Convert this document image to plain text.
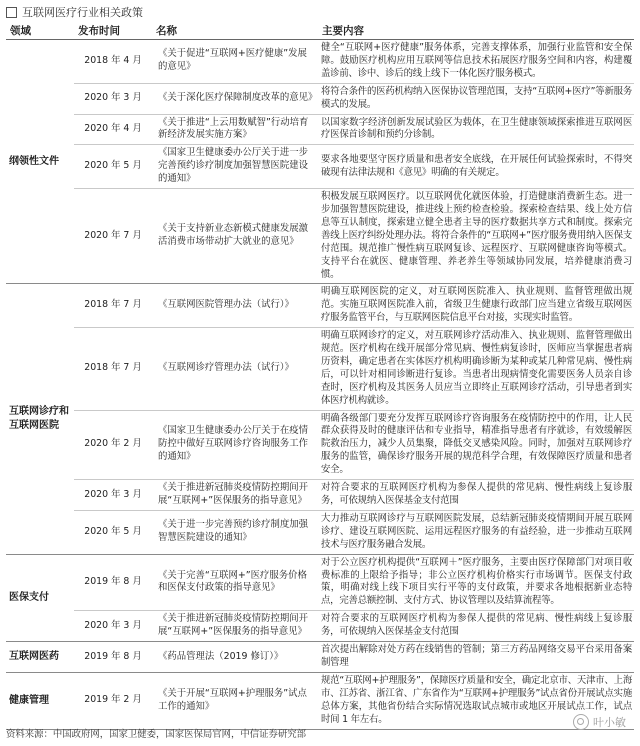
互联网医疗行业相关政策
领域	发布时间	名称	主要内容
纲领性文件	2018 年 4 月	《关于促进“互联网+医疗健康”发展的意见》	健全“互联网+医疗健康”服务体系，完善支撑体系，加强行业监管和安全保障。鼓励医疗机构应用互联网等信息技术拓展医疗服务空间和内容，构建覆盖诊前、诊中、诊后的线上线下一体化医疗服务模式。
	2020 年 3 月	《关于深化医疗保障制度改革的意见》	将符合条件的医药机构纳入医保协议管理范围，支持“互联网+医疗”等新服务模式的发展。
	2020 年 4 月	《关于推进“上云用数赋智”行动培育新经济发展实施方案》	以国家数字经济创新发展试验区为载体，在卫生健康领域探索推进互联网医疗医保首诊制和预约分诊制。
	2020 年 5 月	《国家卫生健康委办公厅关于进一步完善预约诊疗制度加强智慧医院建设的通知》	要求各地要坚守医疗质量和患者安全底线，在开展任何试验探索时，不得突破现有法律法规和《意见》明确的有关规定。
	2020 年 7 月	《关于支持新业态新模式健康发展激活消费市场带动扩大就业的意见》	积极发展互联网医疗。以互联网优化就医体验，打造健康消费新生态。进一步加强智慧医院建设，推进线上预约检查检验。探索检查结果、线上处方信息等互认制度，探索建立健全患者主导的医疗数据共享方式和制度。探索完善线上医疗纠纷处理办法。将符合条件的“互联网+”医疗服务费用纳入医保支付范围。规范推广慢性病互联网复诊、远程医疗、互联网健康咨询等模式。支持平台在就医、健康管理、养老养生等领域协同发展，培养健康消费习惯。
互联网诊疗和互联网医院	2018 年 7 月	《互联网医院管理办法（试行）》	明确互联网医院的定义，对互联网医院准入、执业规则、监督管理做出规范。实施互联网医院准入前，省级卫生健康行政部门应当建立省级互联网医疗服务监管平台，与互联网医院信息平台对接，实现实时监管。
	2018 年 7 月	《互联网诊疗管理办法（试行）》	明确互联网诊疗的定义，对互联网诊疗活动准入、执业规则、监督管理做出规范。医疗机构在线开展部分常见病、慢性病复诊时，医师应当掌握患者病历资料，确定患者在实体医疗机构明确诊断为某种或某几种常见病、慢性病后，可以针对相同诊断进行复诊。当患者出现病情变化需要医务人员亲自诊查时，医疗机构及其医务人员应当立即终止互联网诊疗活动，引导患者到实体医疗机构就诊。
	2020 年 2 月	《国家卫生健康委办公厅关于在疫情防控中做好互联网诊疗咨询服务工作的通知》	明确各级部门要充分发挥互联网诊疗咨询服务在疫情防控中的作用，让人民群众获得及时的健康评估和专业指导，精准指导患者有序就诊，有效缓解医院救治压力，减少人员集聚，降低交叉感染风险。同时，加强对互联网诊疗服务的监管，确保诊疗服务开展的规范科学合理，有效保障医疗质量和患者安全。
	2020 年 3 月	《关于推进新冠肺炎疫情防控期间开展“互联网+”医保服务的指导意见》	对符合要求的互联网医疗机构为参保人提供的常见病、慢性病线上复诊服务，可依规纳入医保基金支付范围
	2020 年 5 月	《关于进一步完善预约诊疗制度加强智慧医院建设的通知》	大力推动互联网诊疗与互联网医院发展，总结新冠肺炎疫情期间开展互联网诊疗、建设互联网医院、运用远程医疗服务的有益经验，进一步推动互联网技术与医疗服务融合发展。
医保支付	2019 年 8 月	《关于完善“互联网+”医疗服务价格和医保支付政策的指导意见》	对于公立医疗机构提供“互联网＋”医疗服务，主要由医疗保障部门对项目收费标准的上限给予指导；非公立医疗机构价格实行市场调节。医保支付政策，明确对线上线下项目实行平等的支付政策，并要求各地根据新业态特点，完善总额控制、支付方式、协议管理以及结算流程等。
	2020 年 3 月	《关于推进新冠肺炎疫情防控期间开展“互联网+”医保服务的指导意见》	对符合要求的互联网医疗机构为参保人提供的常见病、慢性病线上复诊服务，可依规纳入医保基金支付范围
互联网医药	2019 年 8 月	《药品管理法（2019 修订）》	首次提出解除对处方药在线销售的管制；第三方药品网络交易平台采用备案制管理
健康管理	2019 年 2 月	《关于开展“互联网+护理服务”试点工作的通知》	规范“互联网+护理服务”，保障医疗质量和安全，确定北京市、天津市、上海市、江苏省、浙江省、广东省作为“互联网+护理服务”试点省份开展试点实施总体方案，其他省份结合实际情况选取试点城市或地区开展试点工作，试点时间 1 年左右。
资料来源：中国政府网，国家卫健委，国家医保局官网，中信证券研究部
叶小敏
